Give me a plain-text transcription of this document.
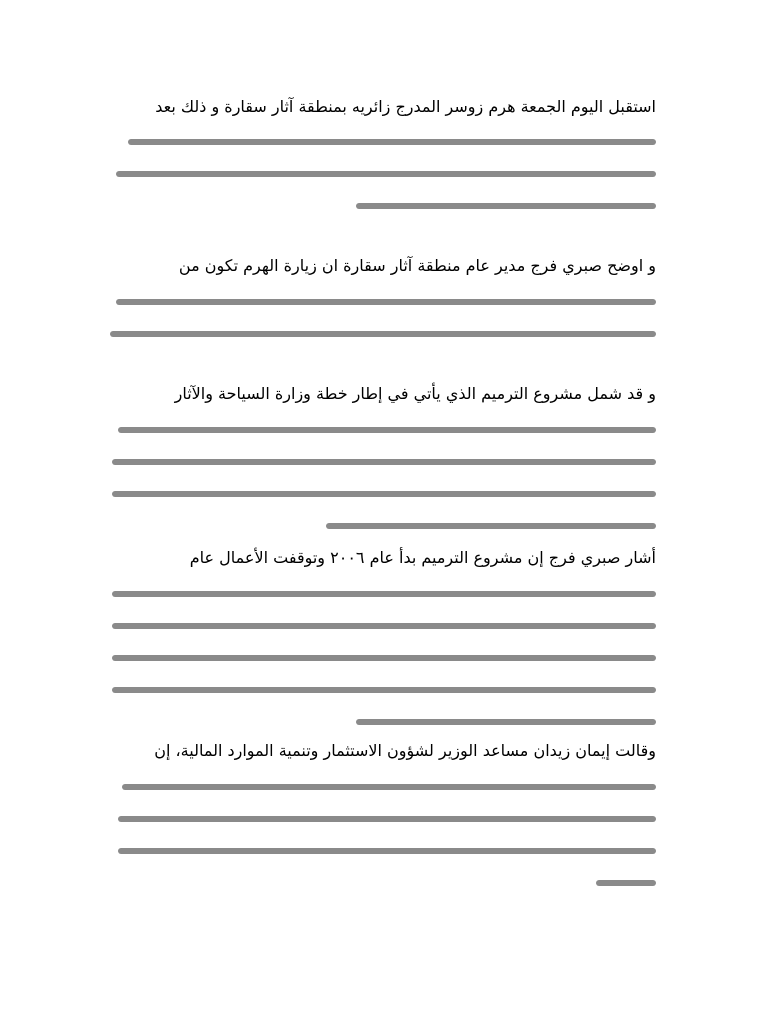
استقبل اليوم الجمعة هرم زوسر المدرج زائريه بمنطقة آثار سقارة و ذلك بعد
و اوضح صبري فرج مدير عام منطقة آثار سقارة ان زيارة الهرم تكون من
و قد شمل مشروع الترميم الذي يأتي في إطار خطة وزارة السياحة والآثار
أشار صبري فرج إن مشروع الترميم بدأ عام ٢٠٠٦ وتوقفت الأعمال عام
وقالت إيمان زيدان مساعد الوزير لشؤون الاستثمار وتنمية الموارد المالية، إن
